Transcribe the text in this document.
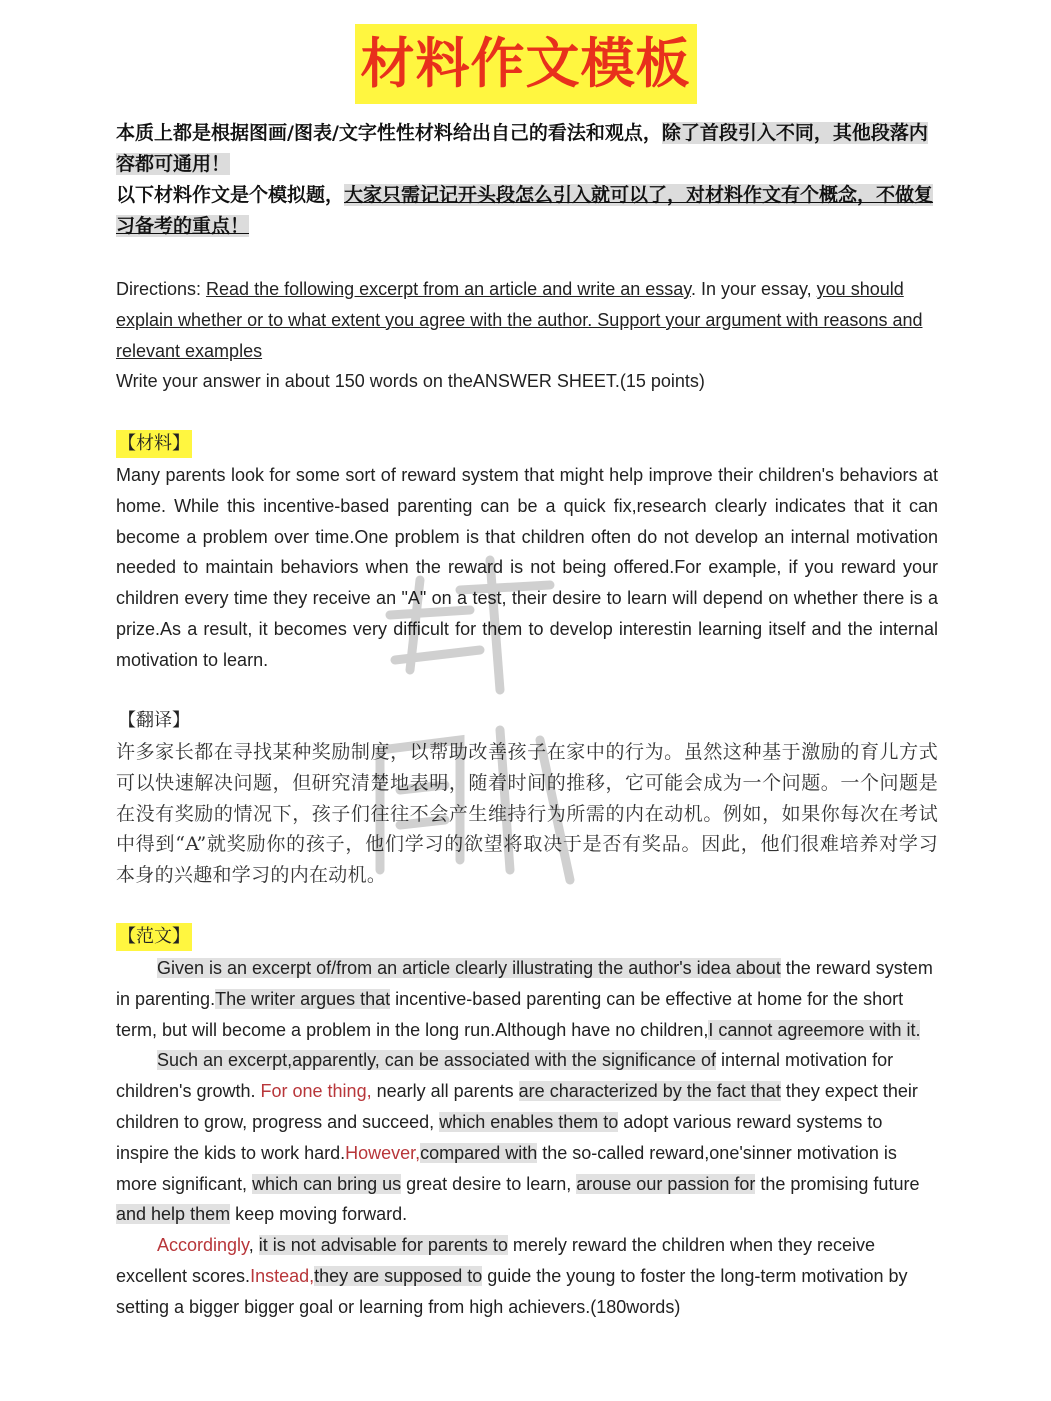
材料作文模板
本质上都是根据图画/图表/文字性性材料给出自己的看法和观点，除了首段引入不同，其他段落内容都可通用！
以下材料作文是个模拟题，大家只需记记开头段怎么引入就可以了，对材料作文有个概念，不做复习备考的重点！
Directions: Read the following excerpt from an article and write an essay. In your essay, you should explain whether or to what extent you agree with the author. Support your argument with reasons and relevant examples
Write your answer in about 150 words on theANSWER SHEET.(15 points)
【材料】
Many parents look for some sort of reward system that might help improve their children's behaviors at home. While this incentive-based parenting can be a quick fix,research clearly indicates that it can become a problem over time.One problem is that children often do not develop an internal motivation needed to maintain behaviors when the reward is not being offered.For example, if you reward your children every time they receive an "A" on a test, their desire to learn will depend on whether there is a prize.As a result, it becomes very difficult for them to develop interestin learning itself and the internal motivation to learn.
【翻译】
许多家长都在寻找某种奖励制度，以帮助改善孩子在家中的行为。虽然这种基于激励的育儿方式可以快速解决问题，但研究清楚地表明，随着时间的推移，它可能会成为一个问题。一个问题是在没有奖励的情况下，孩子们往往不会产生维持行为所需的内在动机。例如，如果你每次在考试中得到“A”就奖励你的孩子，他们学习的欲望将取决于是否有奖品。因此，他们很难培养对学习本身的兴趣和学习的内在动机。
【范文】
Given is an excerpt of/from an article clearly illustrating the author's idea about the reward system in parenting.The writer argues that incentive-based parenting can be effective at home for the short term, but will become a problem in the long run.Although have no children,I cannot agreemore with it.
Such an excerpt,apparently, can be associated with the significance of internal motivation for children's growth. For one thing, nearly all parents are characterized by the fact that they expect their children to grow, progress and succeed, which enables them to adopt various reward systems to inspire the kids to work hard.However,compared with the so-called reward,one'sinner motivation is more significant, which can bring us great desire to learn, arouse our passion for the promising future and help them keep moving forward.
Accordingly, it is not advisable for parents to merely reward the children when they receive excellent scores.Instead,they are supposed to guide the young to foster the long-term motivation by setting a bigger bigger goal or learning from high achievers.(180words)
